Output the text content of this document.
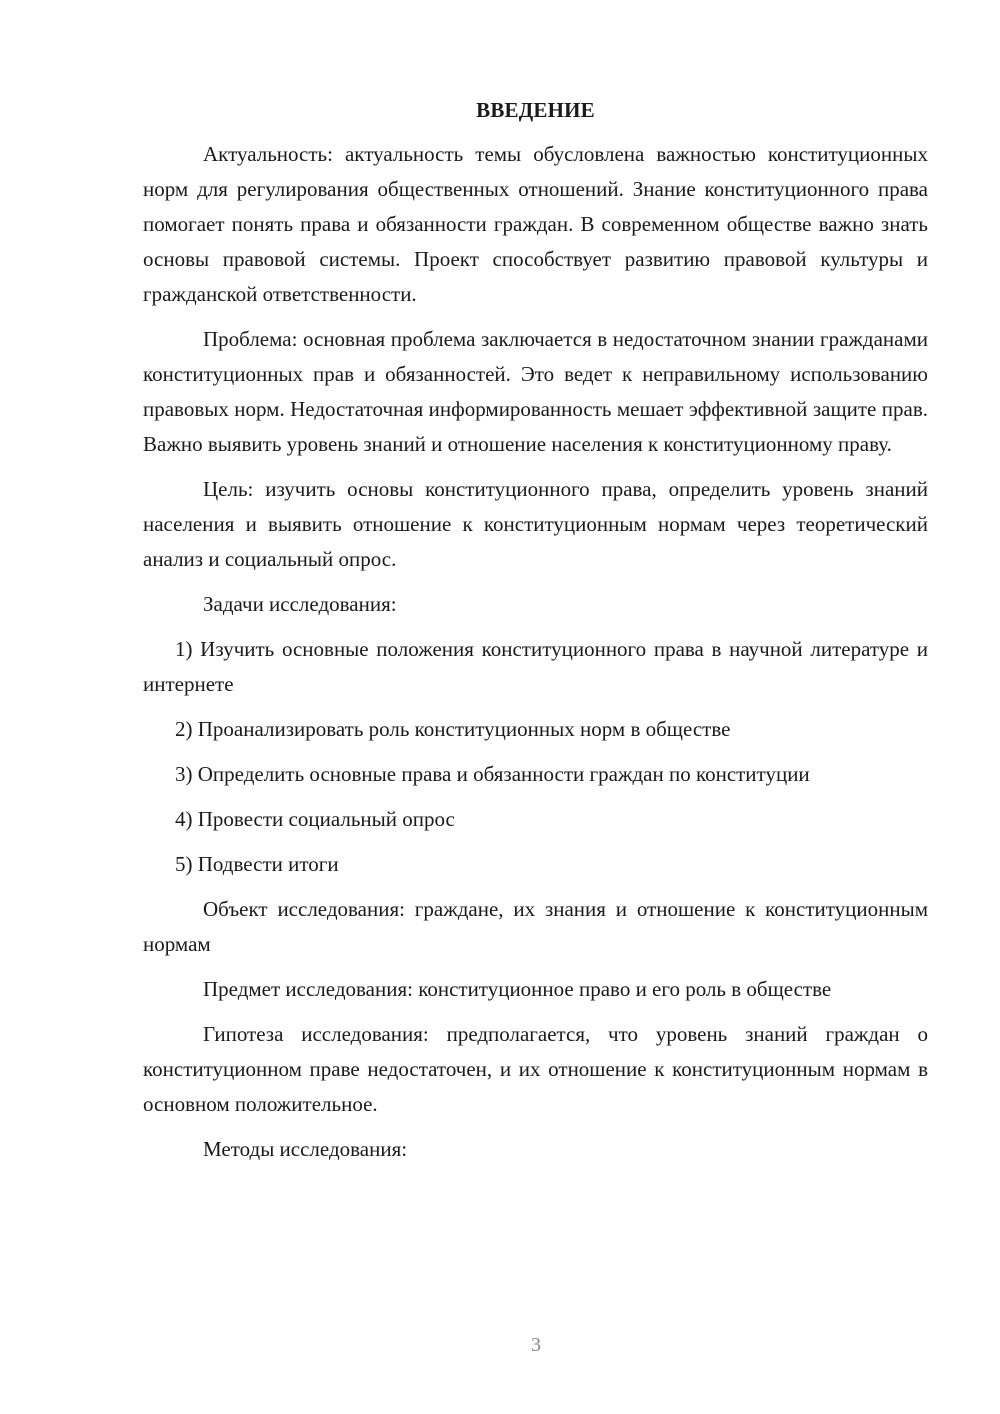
ВВЕДЕНИЕ

Актуальность: актуальность темы обусловлена важностью конституционных норм для регулирования общественных отношений. Знание конституционного права помогает понять права и обязанности граждан. В современном обществе важно знать основы правовой системы. Проект способствует развитию правовой культуры и гражданской ответственности.

Проблема: основная проблема заключается в недостаточном знании гражданами конституционных прав и обязанностей. Это ведет к неправильному использованию правовых норм. Недостаточная информированность мешает эффективной защите прав. Важно выявить уровень знаний и отношение населения к конституционному праву.

Цель: изучить основы конституционного права, определить уровень знаний населения и выявить отношение к конституционным нормам через теоретический анализ и социальный опрос.

Задачи исследования:

1) Изучить основные положения конституционного права в научной литературе и интернете
2) Проанализировать роль конституционных норм в обществе
3) Определить основные права и обязанности граждан по конституции
4) Провести социальный опрос
5) Подвести итоги

Объект исследования: граждане, их знания и отношение к конституционным нормам

Предмет исследования: конституционное право и его роль в обществе

Гипотеза исследования: предполагается, что уровень знаний граждан о конституционном праве недостаточен, и их отношение к конституционным нормам в основном положительное.

Методы исследования:

3
